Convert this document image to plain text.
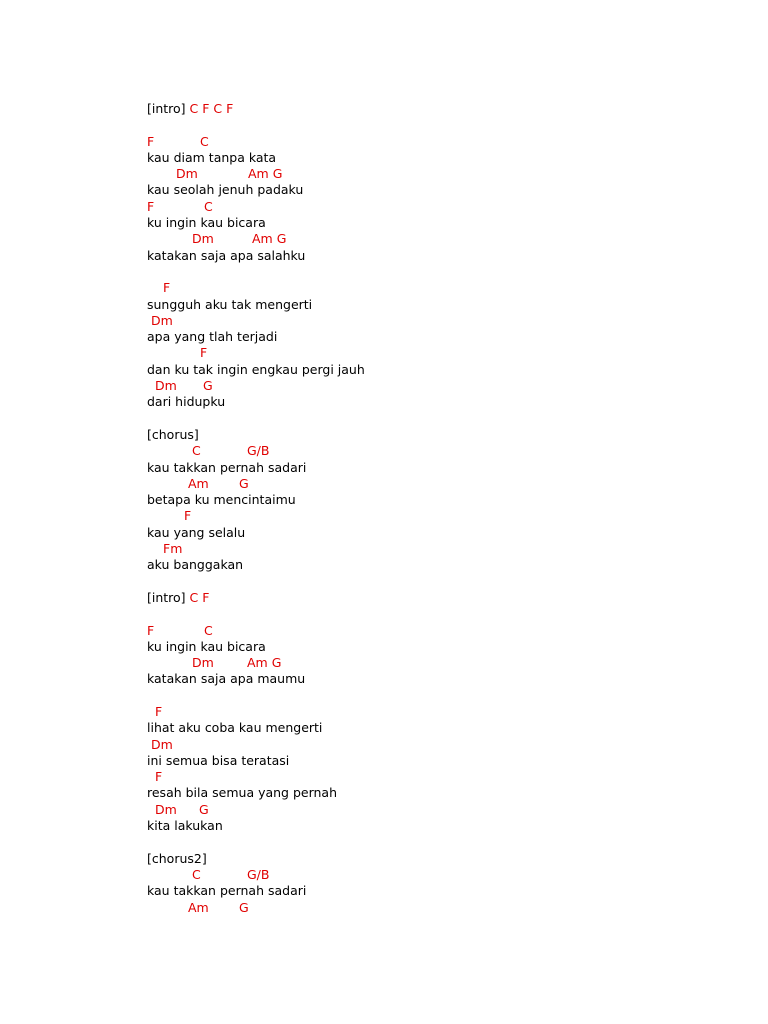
[intro] C F C F
F	C
kau diam tanpa kata
Dm	Am G
kau seolah jenuh padaku
F	C
ku ingin kau bicara
Dm	Am G
katakan saja apa salahku
F
sungguh aku tak mengerti
Dm
apa yang tlah terjadi
F
dan ku tak ingin engkau pergi jauh
Dm G
dari hidupku
[chorus]
C	G/B
kau takkan pernah sadari
Am G
betapa ku mencintaimu
F
kau yang selalu
Fm
aku banggakan
[intro] C F
F	C
ku ingin kau bicara
Dm	Am G
katakan saja apa maumu
F
lihat aku coba kau mengerti
Dm
ini semua bisa teratasi
F
resah bila semua yang pernah
Dm G
kita lakukan
[chorus2]
C	G/B
kau takkan pernah sadari
Am G
